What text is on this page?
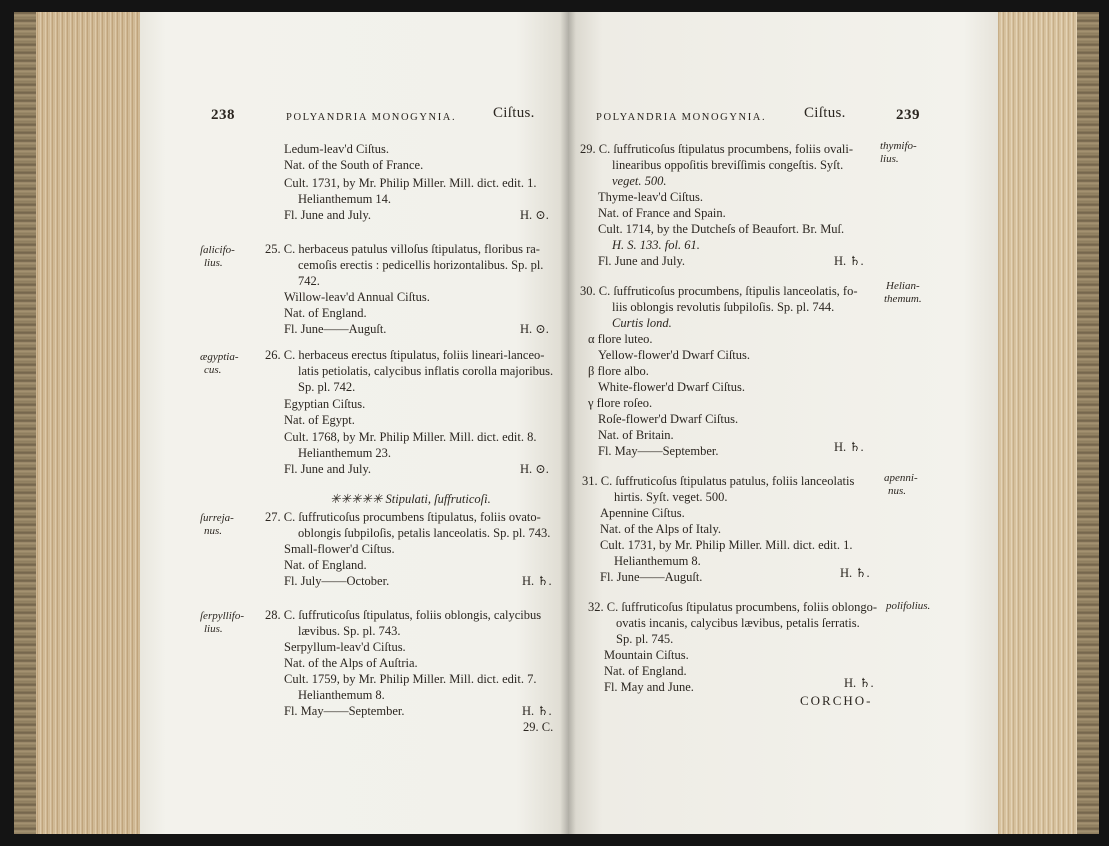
238	POLYANDRIA MONOGYNIA. Ciſtus.
Ledum-leav'd Ciſtus.
Nat. of the South of France.
Cult. 1731, by Mr. Philip Miller. Mill. dict. edit. 1.
Helianthemum 14.
Fl. June and July.	H. ⊙.
25. C. herbaceus patulus villoſus ſtipulatus, floribus ra-
cemoſis erectis : pedicellis horizontalibus. Sp. pl.
742.
Willow-leav'd Annual Ciſtus.
Nat. of England.
Fl. June——Auguſt.	H. ⊙.
26. C. herbaceus erectus ſtipulatus, foliis lineari-lanceo-
latis petiolatis, calycibus inflatis corolla majoribus.
Sp. pl. 742.
Egyptian Ciſtus.
Nat. of Egypt.
Cult. 1768, by Mr. Philip Miller. Mill. dict. edit. 8.
Helianthemum 23.
Fl. June and July.	H. ⊙.
✳✳✳✳✳ Stipulati, ſuffruticoſi.
27. C. ſuffruticoſus procumbens ſtipulatus, foliis ovato-
oblongis ſubpiloſis, petalis lanceolatis. Sp. pl. 743.
Small-flower'd Ciſtus.
Nat. of England.
Fl. July——October.	H. ♄.
28. C. ſuffruticoſus ſtipulatus, foliis oblongis, calycibus
lævibus. Sp. pl. 743.
Serpyllum-leav'd Ciſtus.
Nat. of the Alps of Auſtria.
Cult. 1759, by Mr. Philip Miller. Mill. dict. edit. 7.
Helianthemum 8.
Fl. May——September.	H. ♄.
29. C.
ſalicifo-
lius.
ægyptia-
cus.
ſurreja-
nus.
ſerpyllifo-
lius.
POLYANDRIA MONOGYNIA.	Ciſtus.	239
29. C. ſuffruticoſus ſtipulatus procumbens, foliis ovali-
linearibus oppoſitis breviſſimis congeſtis. Syſt.
veget. 500.
Thyme-leav'd Ciſtus.
Nat. of France and Spain.
Cult. 1714, by the Dutcheſs of Beaufort. Br. Muſ.
H. S. 133. fol. 61.
Fl. June and July.	H. ♄.
30. C. ſuffruticoſus procumbens, ſtipulis lanceolatis, fo-
liis oblongis revolutis ſubpiloſis. Sp. pl. 744.
Curtis lond.
α flore luteo.
Yellow-flower'd Dwarf Ciſtus.
β flore albo.
White-flower'd Dwarf Ciſtus.
γ flore roſeo.
Roſe-flower'd Dwarf Ciſtus.
Nat. of Britain.
Fl. May——September.	H. ♄.
31. C. ſuffruticoſus ſtipulatus patulus, foliis lanceolatis
hirtis. Syſt. veget. 500.
Apennine Ciſtus.
Nat. of the Alps of Italy.
Cult. 1731, by Mr. Philip Miller. Mill. dict. edit. 1.
Helianthemum 8.
Fl. June——Auguſt.	H. ♄.
32. C. ſuffruticoſus ſtipulatus procumbens, foliis oblongo-
ovatis incanis, calycibus lævibus, petalis ſerratis.
Sp. pl. 745.
Mountain Ciſtus.
Nat. of England.
Fl. May and June.	H. ♄.
CORCHO-
thymifo-
lius.
Helian-
themum.
apenni-
nus.
polifolius.
